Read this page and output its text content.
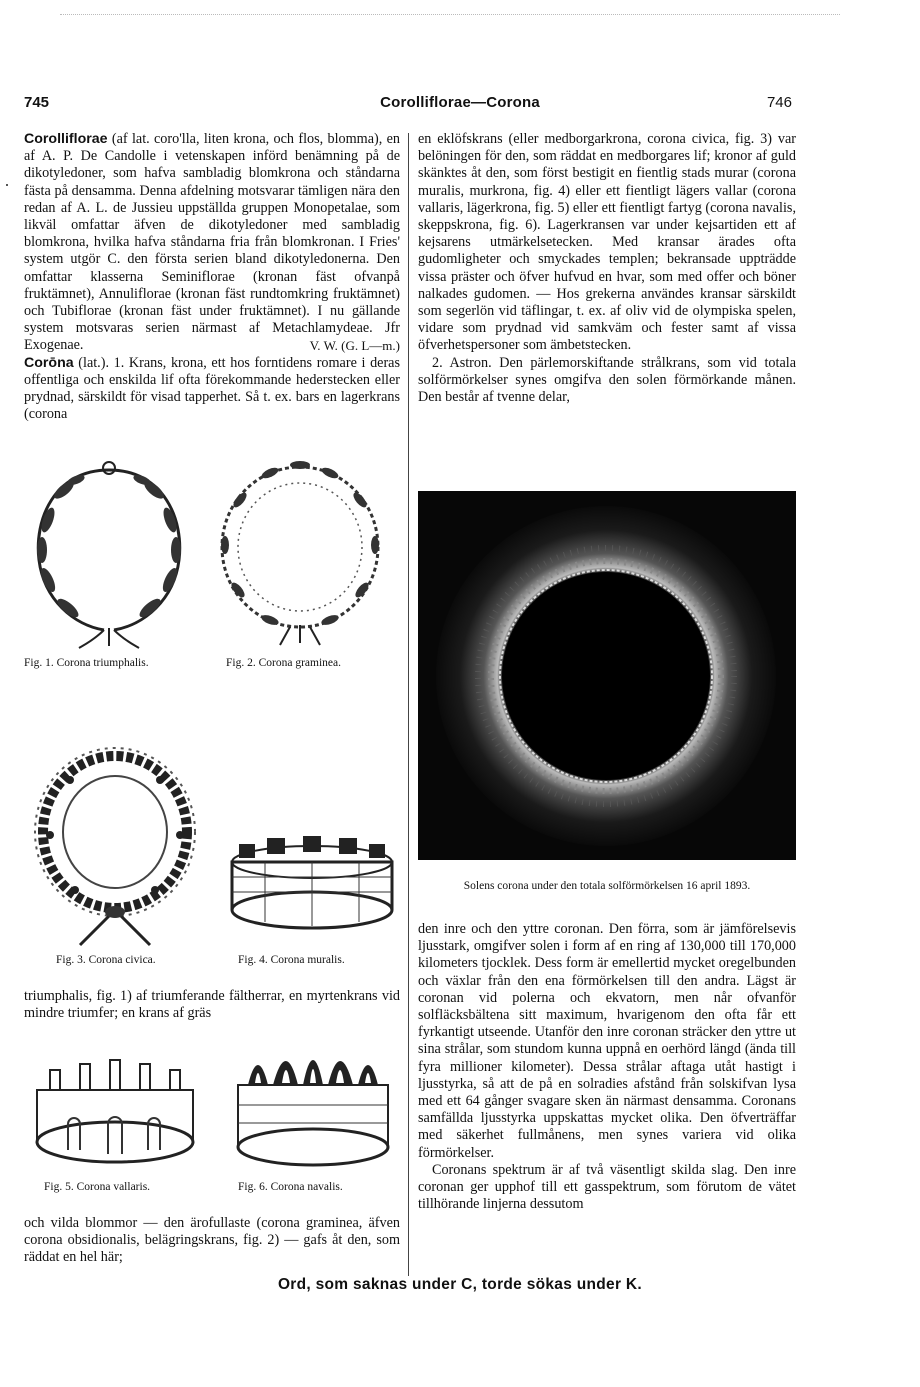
745	Corolliflorae—Corona	746

Corolliflorae (af lat. coro'lla, liten krona, och flos, blomma), en af A. P. De Candolle i vetenskapen införd benämning på de dikotyledoner, som hafva sambladig blomkrona och ståndarna fästa på densamma. Denna afdelning motsvarar tämligen nära den redan af A. L. de Jussieu uppställda gruppen Monopetalae, som likväl omfattar äfven de dikotyledoner med sambladig blomkrona, hvilka hafva ståndarna fria från blomkronan. I Fries' system utgör C. den första serien bland dikotyledonerna. Den omfattar klasserna Seminiflorae (kronan fäst ofvanpå fruktämnet), Annuliflorae (kronan fäst rundtomkring fruktämnet) och Tubiflorae (kronan fäst under fruktämnet). I nu gällande system motsvaras serien närmast af Metachlamydeae. Jfr Exogenae.	V. W. (G. L—m.)

Corōna (lat.). 1. Krans, krona, ett hos forntidens romare i deras offentliga och enskilda lif ofta förekommande hederstecken eller prydnad, särskildt för visad tapperhet. Så t. ex. bars en lagerkrans (corona

Fig. 1. Corona triumphalis.	Fig. 2. Corona graminea.

Fig. 3. Corona civica.	Fig. 4. Corona muralis.

triumphalis, fig. 1) af triumferande fältherrar, en myrtenkrans vid mindre triumfer; en krans af gräs

Fig. 5. Corona vallaris.	Fig. 6. Corona navalis.

och vilda blommor — den ärofullaste (corona graminea, äfven corona obsidionalis, belägringskrans, fig. 2) — gafs åt den, som räddat en hel här;

en eklöfskrans (eller medborgarkrona, corona civica, fig. 3) var belöningen för den, som räddat en medborgares lif; kronor af guld skänktes åt den, som först bestigit en fientlig stads murar (corona muralis, murkrona, fig. 4) eller ett fientligt lägers vallar (corona vallaris, lägerkrona, fig. 5) eller ett fientligt fartyg (corona navalis, skeppskrona, fig. 6). Lagerkransen var under kejsartiden ett af kejsarens utmärkelsetecken. Med kransar ärades ofta gudomligheter och smyckades templen; bekransade uppträdde vissa präster och öfver hufvud en hvar, som med offer och böner nalkades gudomen. — Hos grekerna användes kransar särskildt som segerlön vid täflingar, t. ex. af oliv vid de olympiska spelen, vidare som prydnad vid samkväm och fester samt af vissa öfverhetspersoner som ämbetstecken.

2. Astron. Den pärlemorskiftande strålkrans, som vid totala solförmörkelser synes omgifva den solen förmörkande månen. Den består af tvenne delar,

Solens corona under den totala solförmörkelsen 16 april 1893.

den inre och den yttre coronan. Den förra, som är jämförelsevis ljusstark, omgifver solen i form af en ring af 130,000 till 170,000 kilometers tjocklek. Dess form är emellertid mycket oregelbunden och växlar från den ena förmörkelsen till den andra. Lägst är coronan vid polerna och ekvatorn, men når ofvanför solfläcksbältena sitt maximum, hvarigenom den ofta får ett fyrkantigt utseende. Utanför den inre coronan sträcker den yttre ut sina strålar, som stundom kunna uppnå en oerhörd längd (ända till fyra millioner kilometer). Dessa strålar aftaga utåt hastigt i ljusstyrka, så att de på en solradies afstånd från solskifvan lysa med ett 64 gånger svagare sken än närmast densamma. Coronans samfällda ljusstyrka uppskattas mycket olika. Den öfverträffar med säkerhet fullmånens, men synes variera vid olika förmörkelser.

Coronans spektrum är af två väsentligt skilda slag. Den inre coronan ger upphof till ett gasspektrum, som förutom de vätet tillhörande linjerna dessutom

Ord, som saknas under C, torde sökas under K.
